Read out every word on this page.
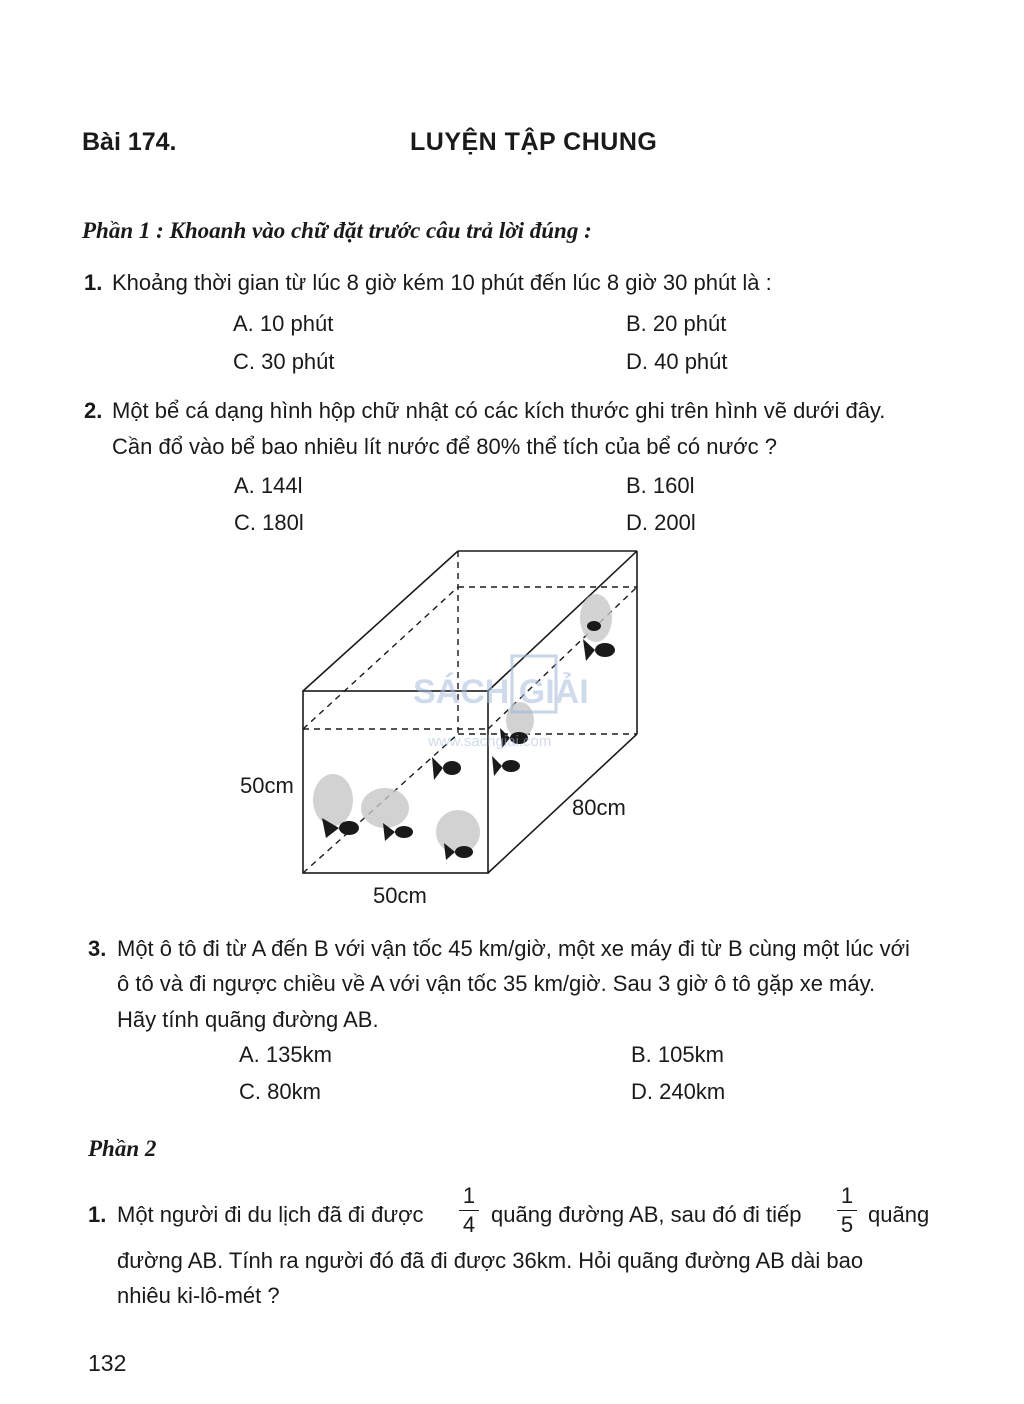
Bài 174.	LUYỆN TẬP CHUNG
Phần 1 : Khoanh vào chữ đặt trước câu trả lời đúng :
1. Khoảng thời gian từ lúc 8 giờ kém 10 phút đến lúc 8 giờ 30 phút là :
A. 10 phút	B. 20 phút
C. 30 phút	D. 40 phút
2. Một bể cá dạng hình hộp chữ nhật có các kích thước ghi trên hình vẽ dưới đây.
Cần đổ vào bể bao nhiêu lít nước để 80% thể tích của bể có nước ?
A. 144l	B. 160l
C. 180l	D. 200l
SÁCH GIẢI
www.sachgiai.com
50cm
80cm
50cm
3. Một ô tô đi từ A đến B với vận tốc 45 km/giờ, một xe máy đi từ B cùng một lúc với
ô tô và đi ngược chiều về A với vận tốc 35 km/giờ. Sau 3 giờ ô tô gặp xe máy.
Hãy tính quãng đường AB.
A. 135km	B. 105km
C. 80km	D. 240km
Phần 2
1. Một người đi du lịch đã đi được
1
4 quãng đường AB, sau đó đi tiếp
1
5 quãng
đường AB. Tính ra người đó đã đi được 36km. Hỏi quãng đường AB dài bao
nhiêu ki-lô-mét ?
132
